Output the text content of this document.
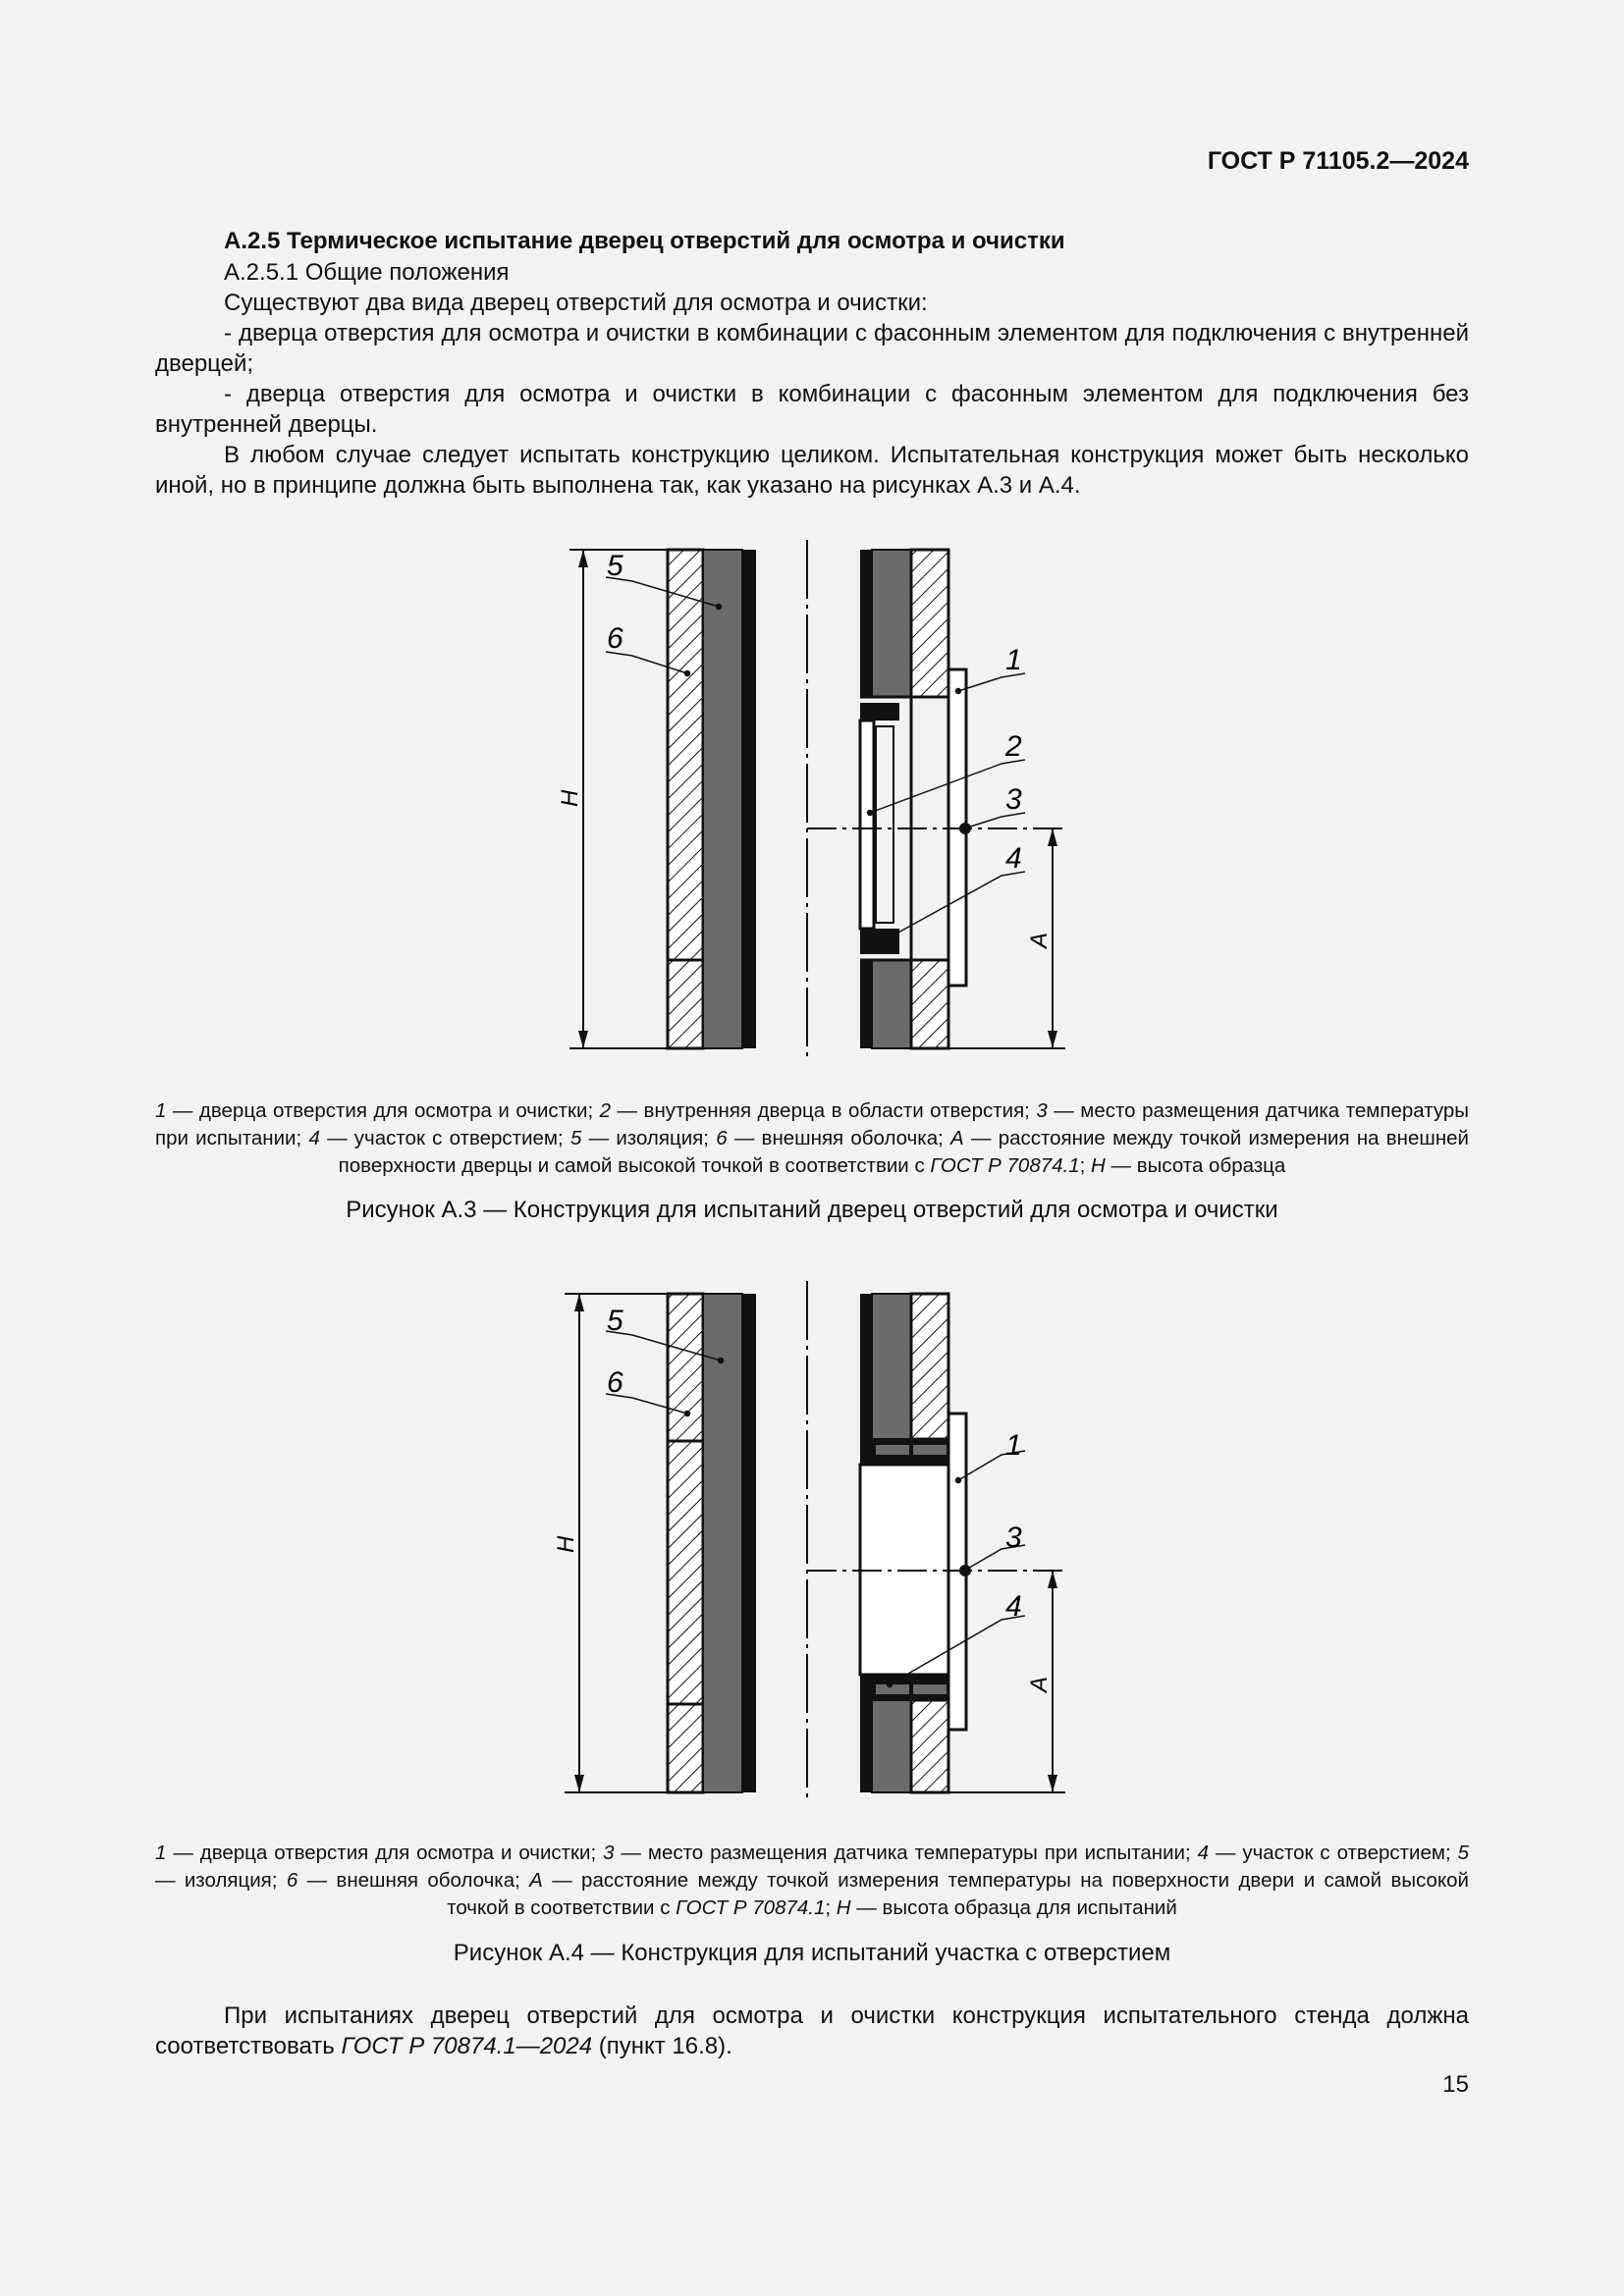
ГОСТ Р 71105.2—2024
А.2.5 Термическое испытание дверец отверстий для осмотра и очистки
А.2.5.1 Общие положения
Существуют два вида дверец отверстий для осмотра и очистки:
- дверца отверстия для осмотра и очистки в комбинации с фасонным элементом для подключения с внутренней дверцей;
- дверца отверстия для осмотра и очистки в комбинации с фасонным элементом для подключения без внутренней дверцы.
В любом случае следует испытать конструкцию целиком. Испытательная конструкция может быть несколько иной, но в принципе должна быть выполнена так, как указано на рисунках А.3 и А.4.
5
6
1
2
3
4
H
A
1 — дверца отверстия для осмотра и очистки; 2 — внутренняя дверца в области отверстия; 3 — место размещения датчика температуры при испытании; 4 — участок с отверстием; 5 — изоляция; 6 — внешняя оболочка; А — расстояние между точкой измерения на внешней поверхности дверцы и самой высокой точкой в соответствии с ГОСТ Р 70874.1; Н — высота образца
Рисунок А.3 — Конструкция для испытаний дверец отверстий для осмотра и очистки
5
6
1
3
4
H
A
1 — дверца отверстия для осмотра и очистки; 3 — место размещения датчика температуры при испытании; 4 — участок с отверстием; 5 — изоляция; 6 — внешняя оболочка; А — расстояние между точкой измерения температуры на поверхности двери и самой высокой точкой в соответствии с ГОСТ Р 70874.1; Н — высота образца для испытаний
Рисунок А.4 — Конструкция для испытаний участка с отверстием
При испытаниях дверец отверстий для осмотра и очистки конструкция испытательного стенда должна соответствовать ГОСТ Р 70874.1—2024 (пункт 16.8).
15
